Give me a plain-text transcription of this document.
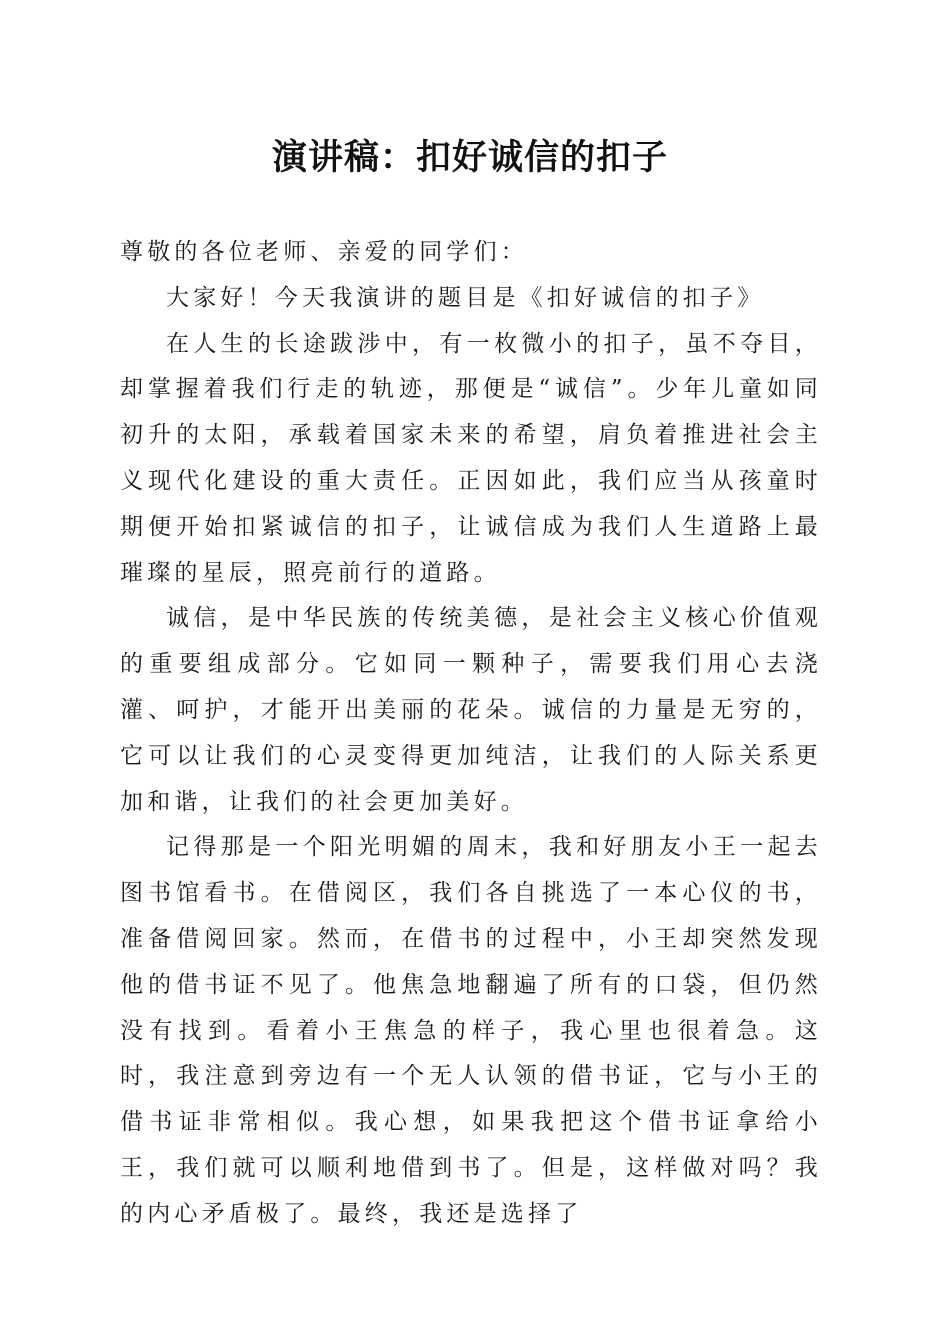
演讲稿：扣好诚信的扣子

尊敬的各位老师、亲爱的同学们：

大家好！今天我演讲的题目是《扣好诚信的扣子》

在人生的长途跋涉中，有一枚微小的扣子，虽不夺目，却掌握着我们行走的轨迹，那便是“诚信”。少年儿童如同初升的太阳，承载着国家未来的希望，肩负着推进社会主义现代化建设的重大责任。正因如此，我们应当从孩童时期便开始扣紧诚信的扣子，让诚信成为我们人生道路上最璀璨的星辰，照亮前行的道路。

诚信，是中华民族的传统美德，是社会主义核心价值观的重要组成部分。它如同一颗种子，需要我们用心去浇灌、呵护，才能开出美丽的花朵。诚信的力量是无穷的，它可以让我们的心灵变得更加纯洁，让我们的人际关系更加和谐，让我们的社会更加美好。

记得那是一个阳光明媚的周末，我和好朋友小王一起去图书馆看书。在借阅区，我们各自挑选了一本心仪的书，准备借阅回家。然而，在借书的过程中，小王却突然发现他的借书证不见了。他焦急地翻遍了所有的口袋，但仍然没有找到。看着小王焦急的样子，我心里也很着急。这时，我注意到旁边有一个无人认领的借书证，它与小王的借书证非常相似。我心想，如果我把这个借书证拿给小王，我们就可以顺利地借到书了。但是，这样做对吗？我的内心矛盾极了。最终，我还是选择了
